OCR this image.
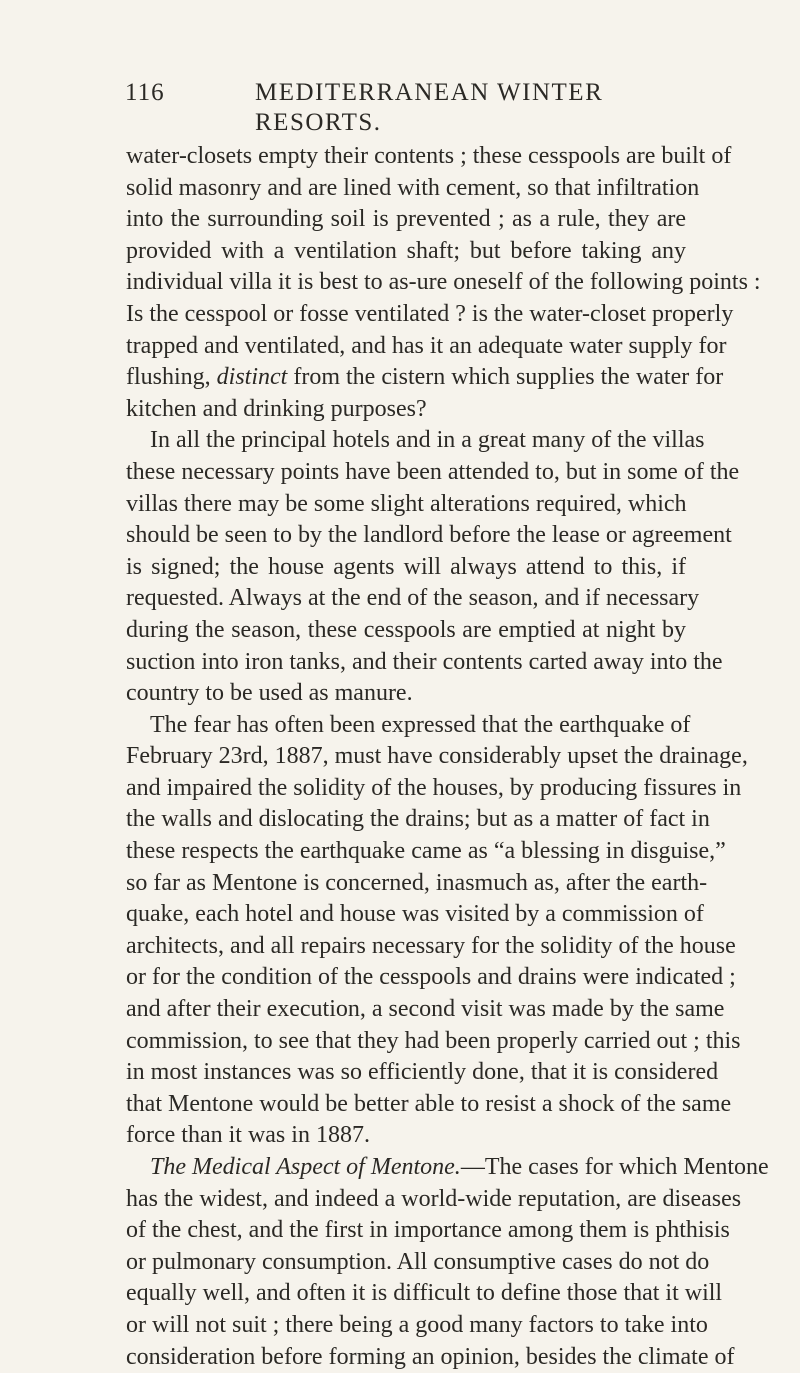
116	MEDITERRANEAN WINTER RESORTS.
water-closets empty their contents ; these cesspools are built of
solid masonry and are lined with cement, so that infiltration
into the surrounding soil is prevented ; as a rule, they are
provided with a ventilation shaft; but before taking any
individual villa it is best to as-ure oneself of the following points :
Is the cesspool or fosse ventilated ? is the water-closet properly
trapped and ventilated, and has it an adequate water supply for
flushing, distinct from the cistern which supplies the water for
kitchen and drinking purposes?
In all the principal hotels and in a great many of the villas
these necessary points have been attended to, but in some of the
villas there may be some slight alterations required, which
should be seen to by the landlord before the lease or agreement
is signed; the house agents will always attend to this, if
requested. Always at the end of the season, and if necessary
during the season, these cesspools are emptied at night by
suction into iron tanks, and their contents carted away into the
country to be used as manure.
The fear has often been expressed that the earthquake of
February 23rd, 1887, must have considerably upset the drainage,
and impaired the solidity of the houses, by producing fissures in
the walls and dislocating the drains; but as a matter of fact in
these respects the earthquake came as “a blessing in disguise,”
so far as Mentone is concerned, inasmuch as, after the earth-
quake, each hotel and house was visited by a commission of
architects, and all repairs necessary for the solidity of the house
or for the condition of the cesspools and drains were indicated ;
and after their execution, a second visit was made by the same
commission, to see that they had been properly carried out ; this
in most instances was so efficiently done, that it is considered
that Mentone would be better able to resist a shock of the same
force than it was in 1887.
The Medical Aspect of Mentone.—The cases for which Mentone
has the widest, and indeed a world-wide reputation, are diseases
of the chest, and the first in importance among them is phthisis
or pulmonary consumption. All consumptive cases do not do
equally well, and often it is difficult to define those that it will
or will not suit ; there being a good many factors to take into
consideration before forming an opinion, besides the climate of
